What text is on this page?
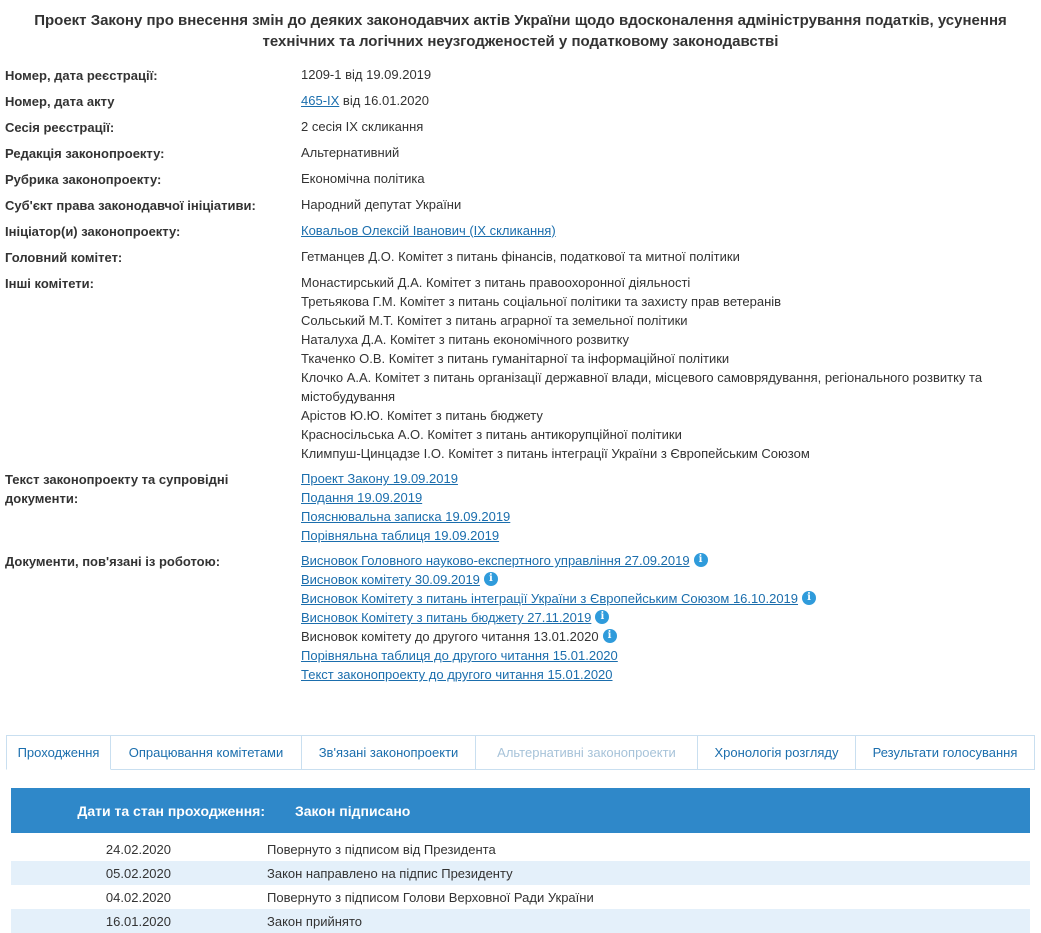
Проект Закону про внесення змін до деяких законодавчих актів України щодо вдосконалення адміністрування податків, усунення технічних та логічних неузгодженостей у податковому законодавстві
Номер, дата реєстрації:	1209-1 від 19.09.2019
Номер, дата акту	465-IX від 16.01.2020
Сесія реєстрації:	2 сесія IX скликання
Редакція законопроекту:	Альтернативний
Рубрика законопроекту:	Економічна політика
Суб'єкт права законодавчої ініціативи:	Народний депутат України
Ініціатор(и) законопроекту:	Ковальов Олексій Іванович (IX скликання)
Головний комітет:	Гетманцев Д.О. Комітет з питань фінансів, податкової та митної політики
Інші комітети:	Монастирський Д.А. Комітет з питань правоохоронної діяльності
Третьякова Г.М. Комітет з питань соціальної політики та захисту прав ветеранів
Сольський М.Т. Комітет з питань аграрної та земельної політики
Наталуха Д.А. Комітет з питань економічного розвитку
Ткаченко О.В. Комітет з питань гуманітарної та інформаційної політики
Клочко А.А. Комітет з питань організації державної влади, місцевого самоврядування, регіонального розвитку та
містобудування
Арістов Ю.Ю. Комітет з питань бюджету
Красносільська А.О. Комітет з питань антикорупційної політики
Климпуш-Цинцадзе І.О. Комітет з питань інтеграції України з Європейським Союзом
Текст законопроекту та супровідні
документи:
Проект Закону 19.09.2019
Подання 19.09.2019
Пояснювальна записка 19.09.2019
Порівняльна таблиця 19.09.2019
Документи, пов'язані із роботою:	Висновок Головного науково-експертного управління 27.09.2019 i
Висновок комітету 30.09.2019 i
Висновок Комітету з питань інтеграції України з Європейським Союзом 16.10.2019 i
Висновок Комітету з питань бюджету 27.11.2019 i
Висновок комітету до другого читання 13.01.2020 i
Порівняльна таблиця до другого читання 15.01.2020
Текст законопроекту до другого читання 15.01.2020
Проходження	Опрацювання комітетами	Зв'язані законопроекти	Альтернативні законопроекти	Хронологія розгляду	Результати голосування
Дати та стан проходження: Закон підписано
24.02.2020	Повернуто з підписом від Президента
05.02.2020	Закон направлено на підпис Президенту
04.02.2020	Повернуто з підписом Голови Верховної Ради України
16.01.2020	Закон прийнято
